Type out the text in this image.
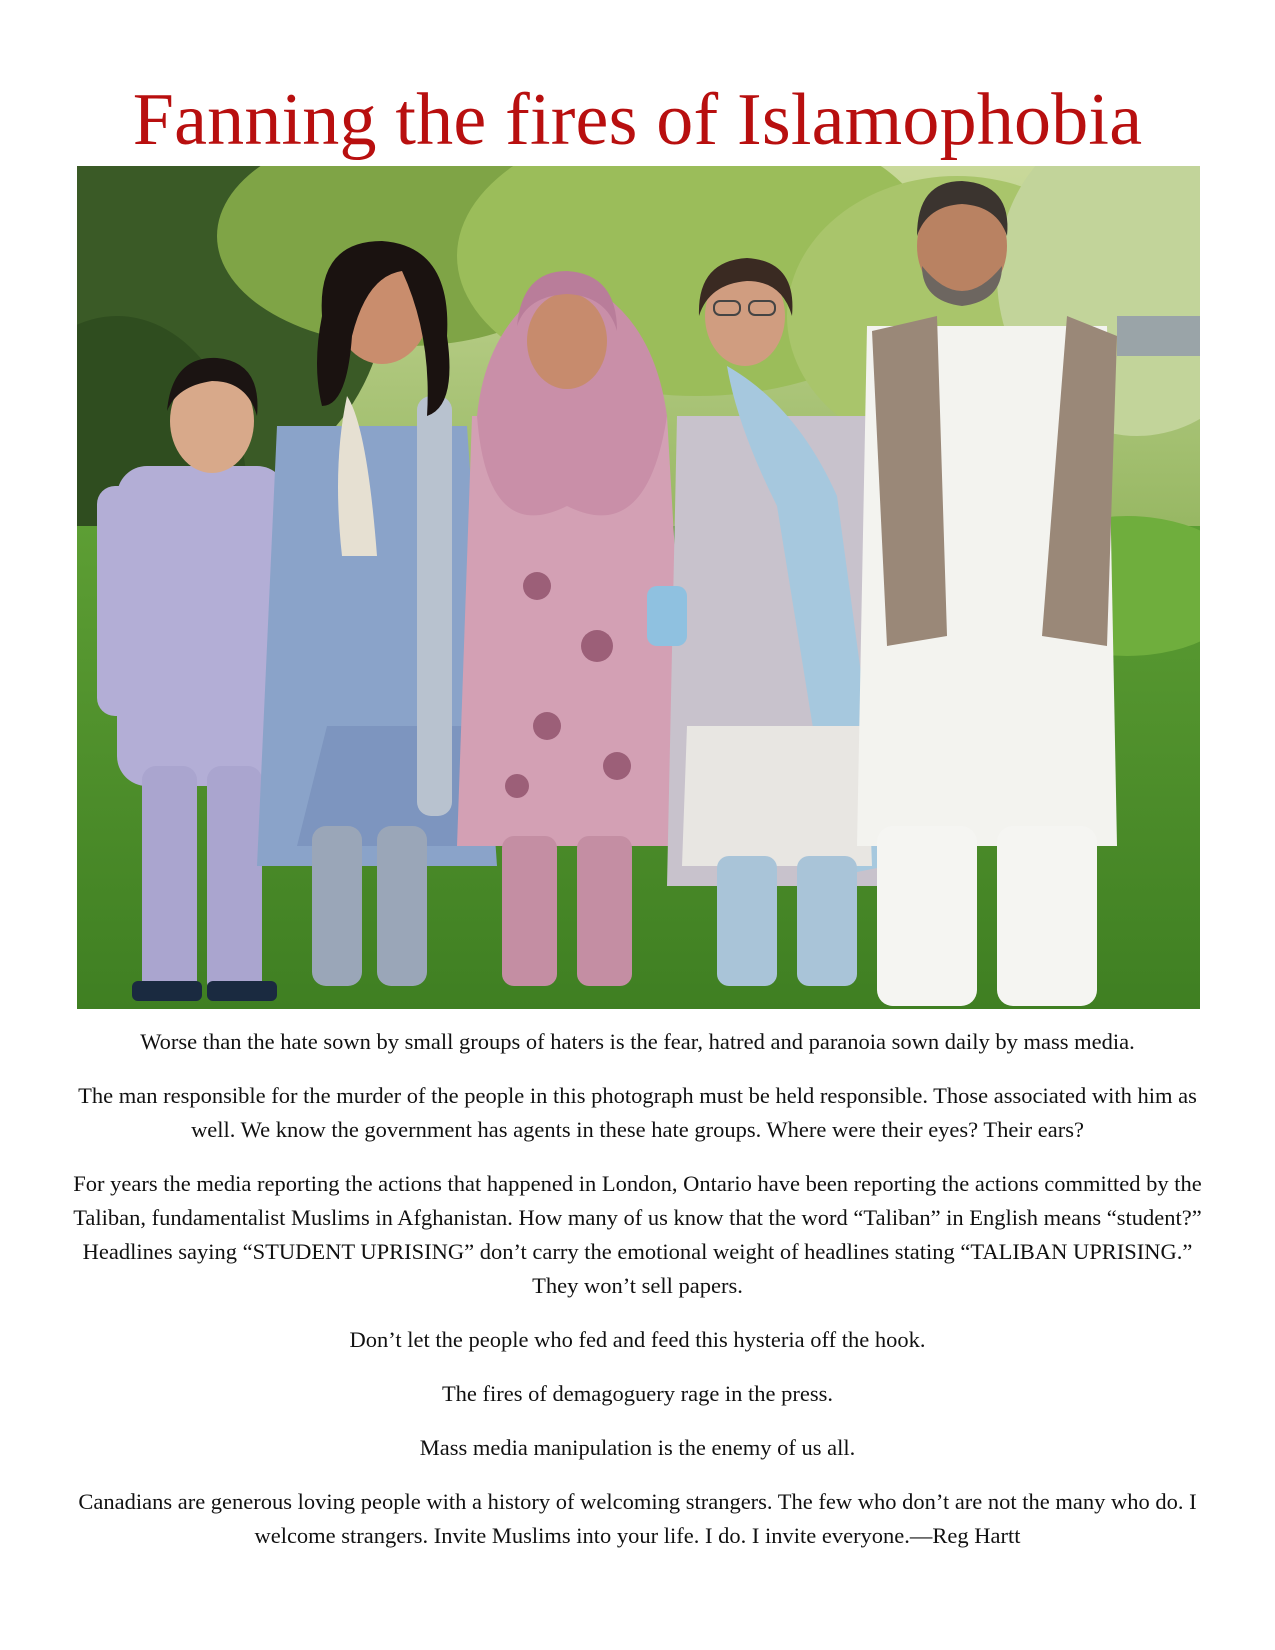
Fanning the fires of Islamophobia

Worse than the hate sown by small groups of haters is the fear, hatred and paranoia sown daily by mass media.

The man responsible for the murder of the people in this photograph must be held responsible. Those associated with him as well. We know the government has agents in these hate groups. Where were their eyes? Their ears?

For years the media reporting the actions that happened in London, Ontario have been reporting the actions committed by the Taliban, fundamentalist Muslims in Afghanistan. How many of us know that the word “Taliban” in English means “student?” Headlines saying “STUDENT UPRISING” don’t carry the emotional weight of headlines stating “TALIBAN UPRISING.” They won’t sell papers.

Don’t let the people who fed and feed this hysteria off the hook.

The fires of demagoguery rage in the press.

Mass media manipulation is the enemy of us all.

Canadians are generous loving people with a history of welcoming strangers. The few who don’t are not the many who do. I welcome strangers. Invite Muslims into your life. I do. I invite everyone.—Reg Hartt
